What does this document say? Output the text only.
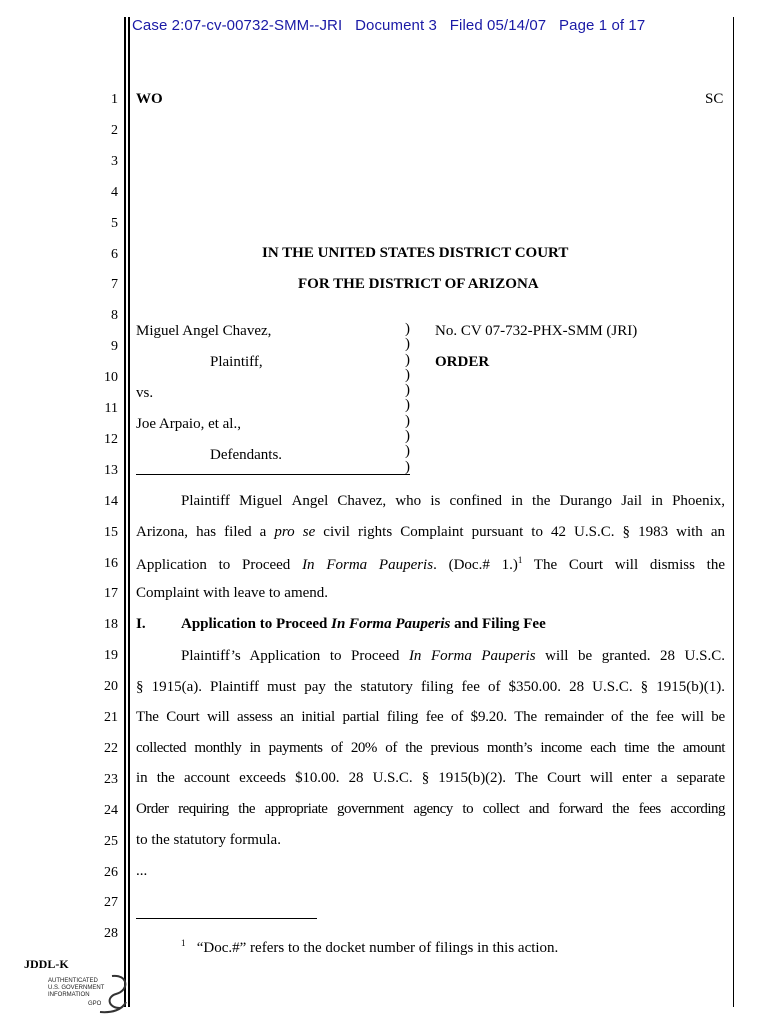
Case 2:07-cv-00732-SMM--JRI Document 3 Filed 05/14/07 Page 1 of 17
1
2
3
4
5
6
7
8
9
10
11
12
13
14
15
16
17
18
19
20
21
22
23
24
25
26
27
28
WO	SC
IN THE UNITED STATES DISTRICT COURT
FOR THE DISTRICT OF ARIZONA
Miguel Angel Chavez,
Plaintiff,
vs.
Joe Arpaio, et al.,
Defendants.
)
)
)
)
)
)
)
)
)
)
No. CV 07-732-PHX-SMM (JRI)
ORDER
Plaintiff Miguel Angel Chavez, who is confined in the Durango Jail in Phoenix,
Arizona, has filed a pro se civil rights Complaint pursuant to 42 U.S.C. § 1983 with an
Application to Proceed In Forma Pauperis. (Doc.# 1.)$^1$ The Court will dismiss the
Complaint with leave to amend.
I. Application to Proceed In Forma Pauperis and Filing Fee
Plaintiff’s Application to Proceed In Forma Pauperis will be granted. 28 U.S.C.
§ 1915(a). Plaintiff must pay the statutory filing fee of $350.00. 28 U.S.C. § 1915(b)(1).
The Court will assess an initial partial filing fee of $9.20. The remainder of the fee will be
collected monthly in payments of 20% of the previous month’s income each time the amount
in the account exceeds $10.00. 28 U.S.C. § 1915(b)(2). The Court will enter a separate
Order requiring the appropriate government agency to collect and forward the fees according
to the statutory formula.
...
$^1$ “Doc.#” refers to the docket number of filings in this action.
JDDL-K
AUTHENTICATED
U.S. GOVERNMENT
INFORMATION
GPO
